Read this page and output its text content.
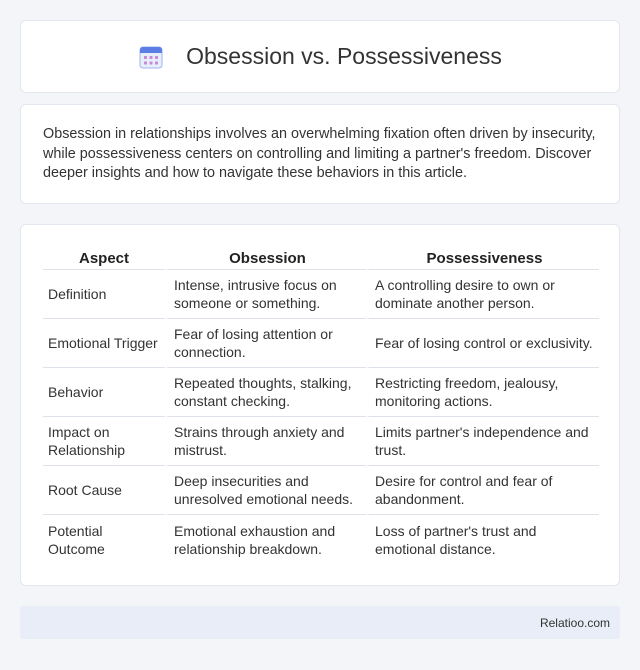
Obsession vs. Possessiveness

Obsession in relationships involves an overwhelming fixation often driven by insecurity, while possessiveness centers on controlling and limiting a partner's freedom. Discover deeper insights and how to navigate these behaviors in this article.

Aspect	Obsession	Possessiveness
Definition	Intense, intrusive focus on someone or something.	A controlling desire to own or dominate another person.
Emotional Trigger	Fear of losing attention or connection.	Fear of losing control or exclusivity.
Behavior	Repeated thoughts, stalking, constant checking.	Restricting freedom, jealousy, monitoring actions.
Impact on Relationship	Strains through anxiety and mistrust.	Limits partner's independence and trust.
Root Cause	Deep insecurities and unresolved emotional needs.	Desire for control and fear of abandonment.
Potential Outcome	Emotional exhaustion and relationship breakdown.	Loss of partner's trust and emotional distance.
Relatioo.com
